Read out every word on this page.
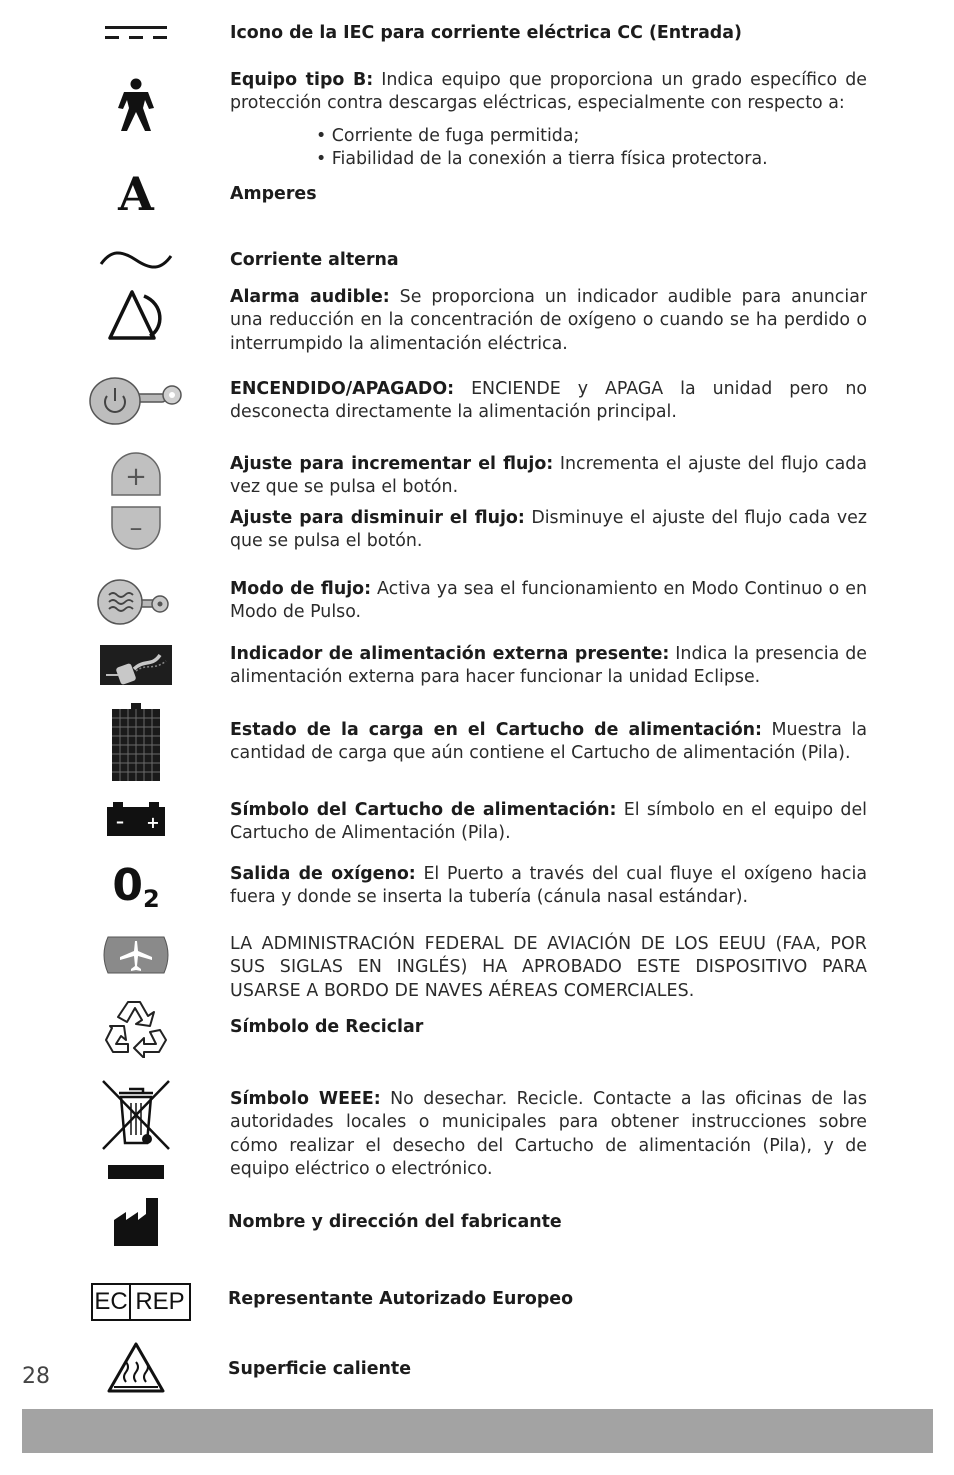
Icono de la IEC para corriente eléctrica CC (Entrada)
Equipo tipo B: Indica equipo que proporciona un grado específico de protección contra descargas eléctricas, especialmente con respecto a:
• Corriente de fuga permitida;
• Fiabilidad de la conexión a tierra física protectora.
A	Amperes
Corriente alterna
Alarma audible: Se proporciona un indicador audible para anunciar una reducción en la concentración de oxígeno o cuando se ha perdido o interrumpido la alimentación eléctrica.
ENCENDIDO/APAGADO: ENCIENDE y APAGA la unidad pero no desconecta directamente la alimentación principal.
+
–
Ajuste para incrementar el flujo: Incrementa el ajuste del flujo cada vez que se pulsa el botón.
Ajuste para disminuir el flujo: Disminuye el ajuste del flujo cada vez que se pulsa el botón.
Modo de flujo: Activa ya sea el funcionamiento en Modo Continuo o en Modo de Pulso.
Indicador de alimentación externa presente: Indica la presencia de alimentación externa para hacer funcionar la unidad Eclipse.
Estado de la carga en el Cartucho de alimentación: Muestra la cantidad de carga que aún contiene el Cartucho de alimentación (Pila).
– +
Símbolo del Cartucho de alimentación: El símbolo en el equipo del Cartucho de Alimentación (Pila).
0 2
Salida de oxígeno: El Puerto a través del cual fluye el oxígeno hacia fuera y donde se inserta la tubería (cánula nasal estándar).
LA ADMINISTRACIÓN FEDERAL DE AVIACIÓN DE LOS EEUU (FAA, POR SUS SIGLAS EN INGLÉS) HA APROBADO ESTE DISPOSITIVO PARA USARSE A BORDO DE NAVES AÉREAS COMERCIALES.
Símbolo de Reciclar
Símbolo WEEE: No desechar. Recicle. Contacte a las oficinas de las autoridades locales o municipales para obtener instrucciones sobre cómo realizar el desecho del Cartucho de alimentación (Pila), y de equipo eléctrico o electrónico.
Nombre y dirección del fabricante
EC REP Representante Autorizado Europeo
Superficie caliente
28
